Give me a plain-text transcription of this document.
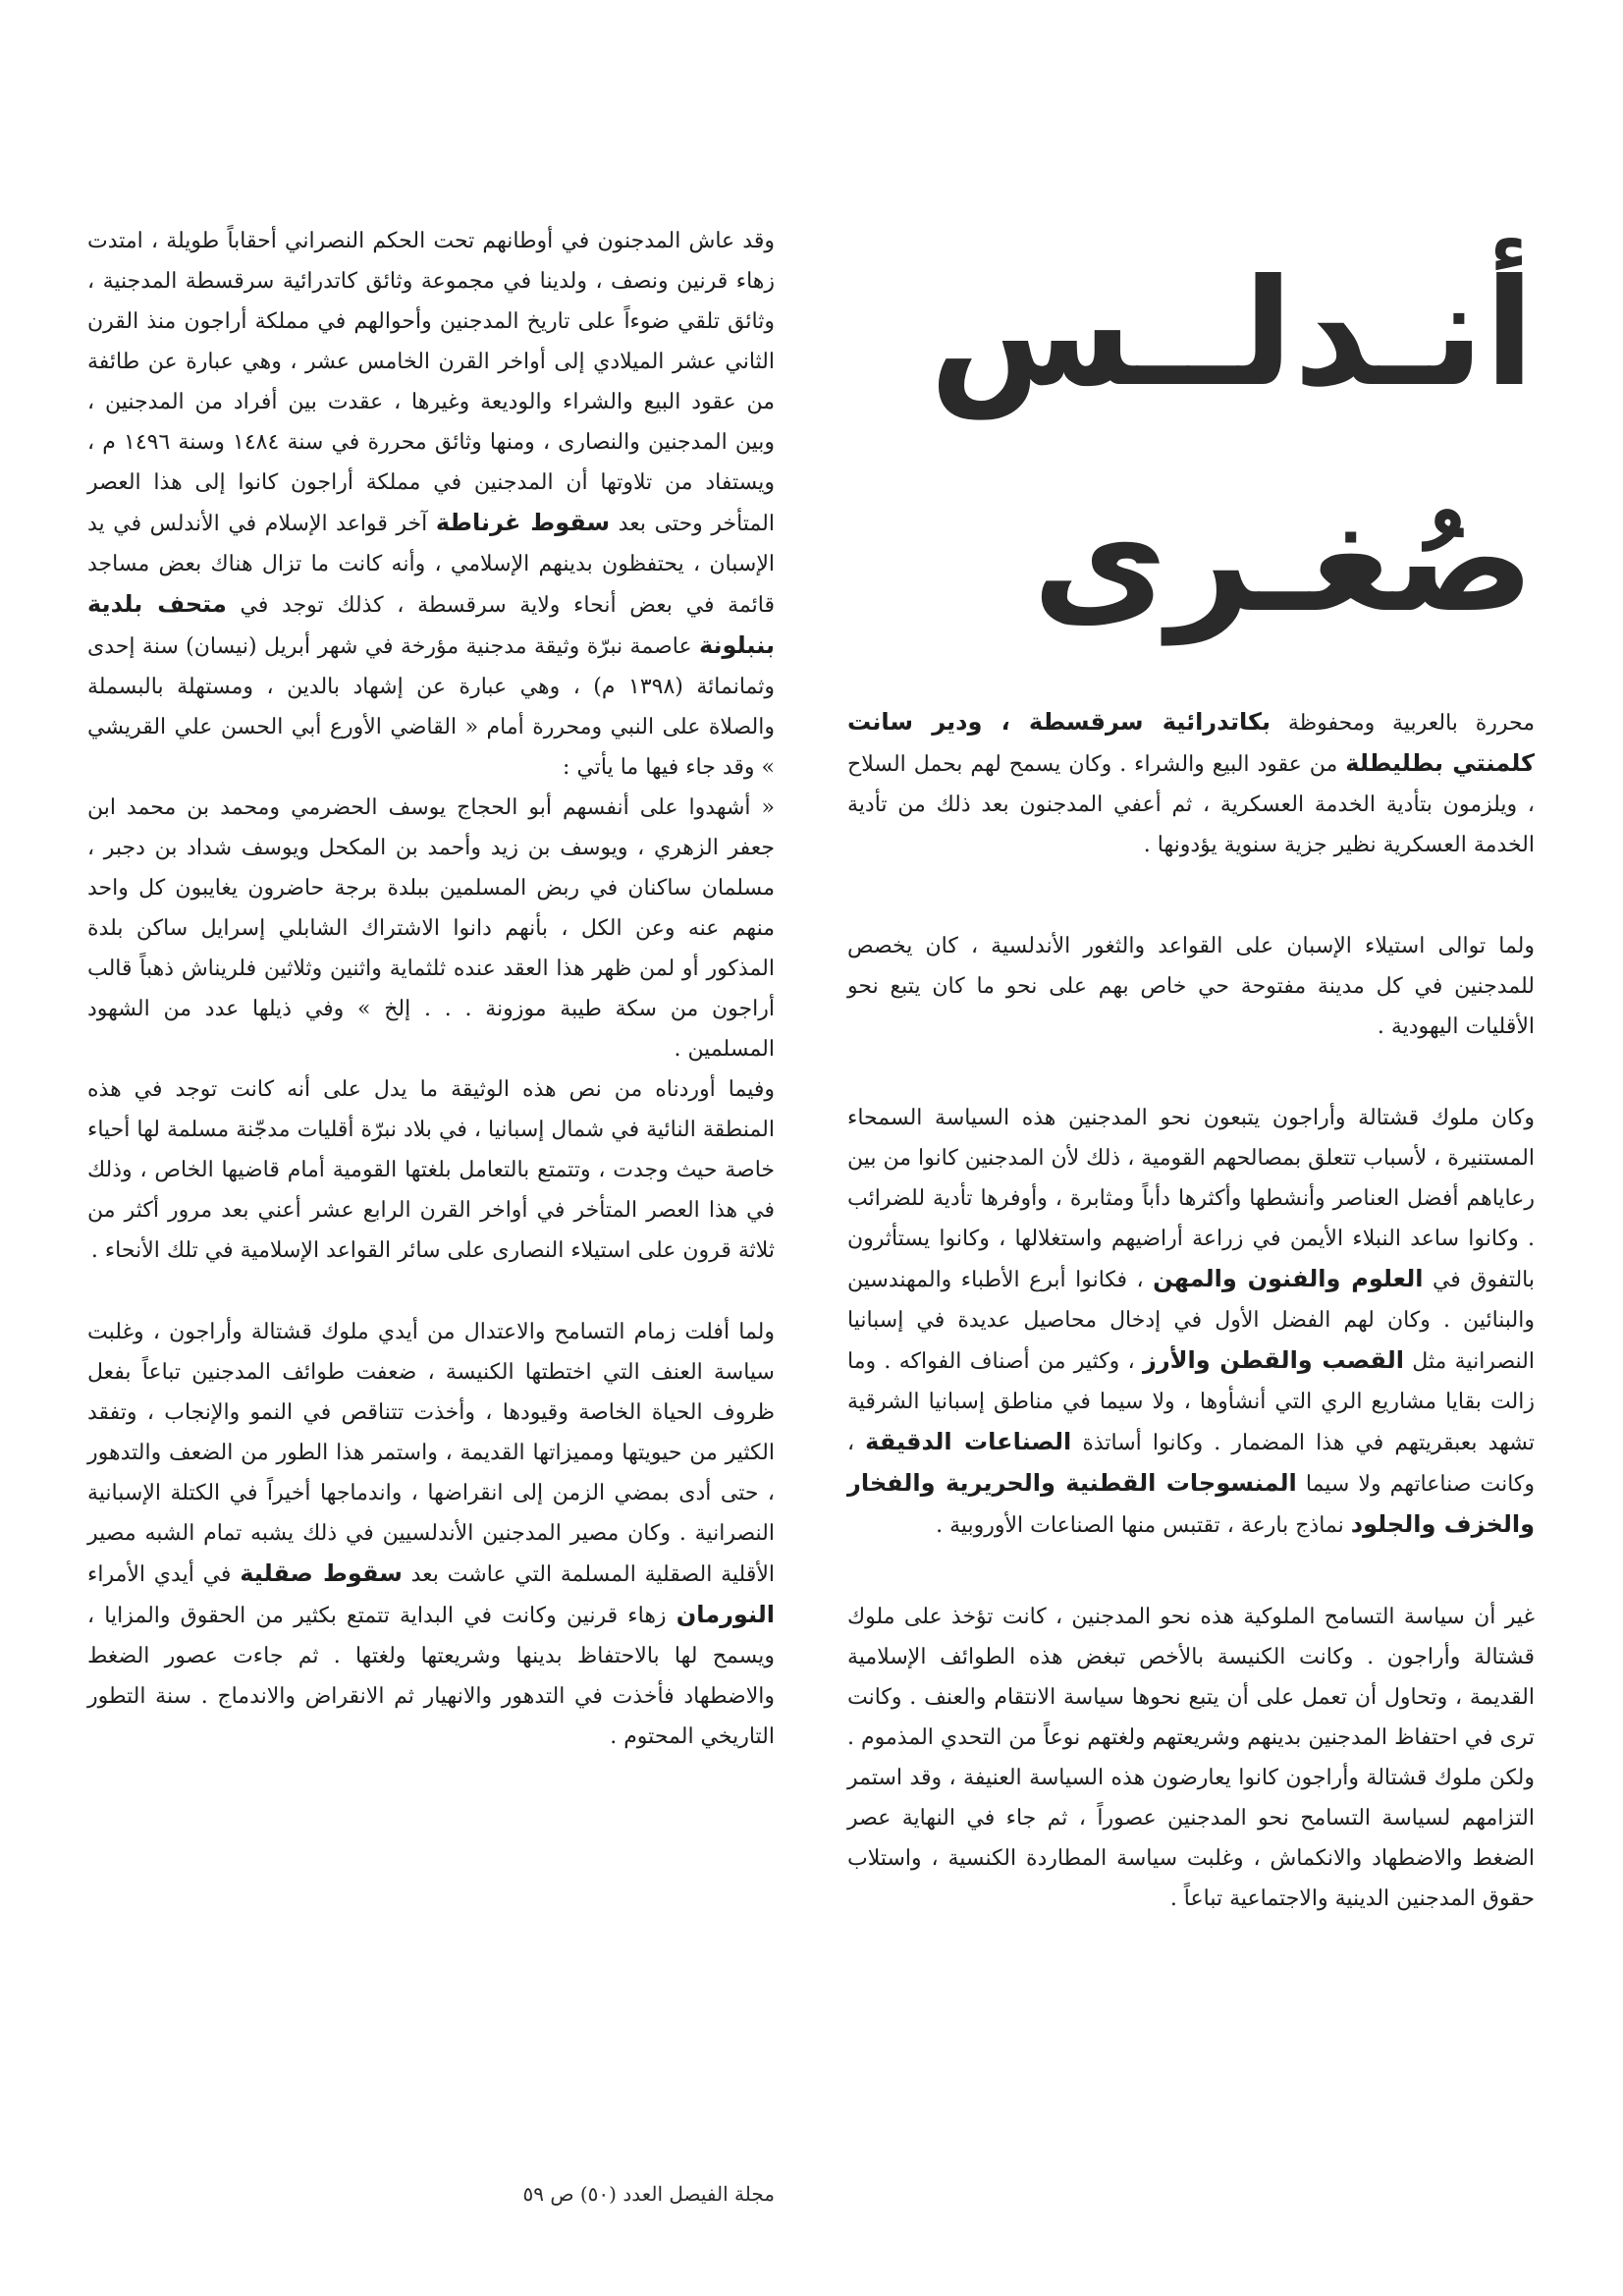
أنـدلــس
صُغـرى

محررة بالعربية ومحفوظة بكاتدرائية سرقسطة ، ودير سانت كلمنتي بطليطلة من عقود البيع والشراء . وكان يسمح لهم بحمل السلاح ، ويلزمون بتأدية الخدمة العسكرية ، ثم أعفي المدجنون بعد ذلك من تأدية الخدمة العسكرية نظير جزية سنوية يؤدونها .

ولما توالى استيلاء الإسبان على القواعد والثغور الأندلسية ، كان يخصص للمدجنين في كل مدينة مفتوحة حي خاص بهم على نحو ما كان يتبع نحو الأقليات اليهودية .

وكان ملوك قشتالة وأراجون يتبعون نحو المدجنين هذه السياسة السمحاء المستنيرة ، لأسباب تتعلق بمصالحهم القومية ، ذلك لأن المدجنين كانوا من بين رعاياهم أفضل العناصر وأنشطها وأكثرها دأباً ومثابرة ، وأوفرها تأدية للضرائب . وكانوا ساعد النبلاء الأيمن في زراعة أراضيهم واستغلالها ، وكانوا يستأثرون بالتفوق في العلوم والفنون والمهن ، فكانوا أبرع الأطباء والمهندسين والبنائين . وكان لهم الفضل الأول في إدخال محاصيل عديدة في إسبانيا النصرانية مثل القصب والقطن والأرز ، وكثير من أصناف الفواكه . وما زالت بقايا مشاريع الري التي أنشأوها ، ولا سيما في مناطق إسبانيا الشرقية تشهد بعبقريتهم في هذا المضمار . وكانوا أساتذة الصناعات الدقيقة ، وكانت صناعاتهم ولا سيما المنسوجات القطنية والحريرية والفخار والخزف والجلود نماذج بارعة ، تقتبس منها الصناعات الأوروبية .

غير أن سياسة التسامح الملوكية هذه نحو المدجنين ، كانت تؤخذ على ملوك قشتالة وأراجون . وكانت الكنيسة بالأخص تبغض هذه الطوائف الإسلامية القديمة ، وتحاول أن تعمل على أن يتبع نحوها سياسة الانتقام والعنف . وكانت ترى في احتفاظ المدجنين بدينهم وشريعتهم ولغتهم نوعاً من التحدي المذموم . ولكن ملوك قشتالة وأراجون كانوا يعارضون هذه السياسة العنيفة ، وقد استمر التزامهم لسياسة التسامح نحو المدجنين عصوراً ، ثم جاء في النهاية عصر الضغط والاضطهاد والانكماش ، وغلبت سياسة المطاردة الكنسية ، واستلاب حقوق المدجنين الدينية والاجتماعية تباعاً .

وقد عاش المدجنون في أوطانهم تحت الحكم النصراني أحقاباً طويلة ، امتدت زهاء قرنين ونصف ، ولدينا في مجموعة وثائق كاتدرائية سرقسطة المدجنية ، وثائق تلقي ضوءاً على تاريخ المدجنين وأحوالهم في مملكة أراجون منذ القرن الثاني عشر الميلادي إلى أواخر القرن الخامس عشر ، وهي عبارة عن طائفة من عقود البيع والشراء والوديعة وغيرها ، عقدت بين أفراد من المدجنين ، وبين المدجنين والنصارى ، ومنها وثائق محررة في سنة ١٤٨٤ وسنة ١٤٩٦ م ، ويستفاد من تلاوتها أن المدجنين في مملكة أراجون كانوا إلى هذا العصر المتأخر وحتى بعد سقوط غرناطة آخر قواعد الإسلام في الأندلس في يد الإسبان ، يحتفظون بدينهم الإسلامي ، وأنه كانت ما تزال هناك بعض مساجد قائمة في بعض أنحاء ولاية سرقسطة ، كذلك توجد في متحف بلدية بنبلونة عاصمة نبرّة وثيقة مدجنية مؤرخة في شهر أبريل (نيسان) سنة إحدى وثمانمائة (١٣٩٨ م) ، وهي عبارة عن إشهاد بالدين ، ومستهلة بالبسملة والصلاة على النبي ومحررة أمام « القاضي الأورع أبي الحسن علي القريشي » وقد جاء فيها ما يأتي :

« أشهدوا على أنفسهم أبو الحجاج يوسف الحضرمي ومحمد بن محمد ابن جعفر الزهري ، ويوسف بن زيد وأحمد بن المكحل ويوسف شداد بن دجبر ، مسلمان ساكنان في ربض المسلمين ببلدة برجة حاضرون يغايبون كل واحد منهم عنه وعن الكل ، بأنهم دانوا الاشتراك الشابلي إسرايل ساكن بلدة المذكور أو لمن ظهر هذا العقد عنده ثلثماية واثنين وثلاثين فلريناش ذهباً قالب أراجون من سكة طيبة موزونة . . . إلخ » وفي ذيلها عدد من الشهود المسلمين .

وفيما أوردناه من نص هذه الوثيقة ما يدل على أنه كانت توجد في هذه المنطقة النائية في شمال إسبانيا ، في بلاد نبرّة أقليات مدجّنة مسلمة لها أحياء خاصة حيث وجدت ، وتتمتع بالتعامل بلغتها القومية أمام قاضيها الخاص ، وذلك في هذا العصر المتأخر في أواخر القرن الرابع عشر أعني بعد مرور أكثر من ثلاثة قرون على استيلاء النصارى على سائر القواعد الإسلامية في تلك الأنحاء .

ولما أفلت زمام التسامح والاعتدال من أيدي ملوك قشتالة وأراجون ، وغلبت سياسة العنف التي اختطتها الكنيسة ، ضعفت طوائف المدجنين تباعاً بفعل ظروف الحياة الخاصة وقيودها ، وأخذت تتناقص في النمو والإنجاب ، وتفقد الكثير من حيويتها ومميزاتها القديمة ، واستمر هذا الطور من الضعف والتدهور ، حتى أدى بمضي الزمن إلى انقراضها ، واندماجها أخيراً في الكتلة الإسبانية النصرانية . وكان مصير المدجنين الأندلسيين في ذلك يشبه تمام الشبه مصير الأقلية الصقلية المسلمة التي عاشت بعد سقوط صقلية في أيدي الأمراء النورمان زهاء قرنين وكانت في البداية تتمتع بكثير من الحقوق والمزايا ، ويسمح لها بالاحتفاظ بدينها وشريعتها ولغتها . ثم جاءت عصور الضغط والاضطهاد فأخذت في التدهور والانهيار ثم الانقراض والاندماج . سنة التطور التاريخي المحتوم .

مجلة الفيصل العدد (٥٠) ص ٥٩
